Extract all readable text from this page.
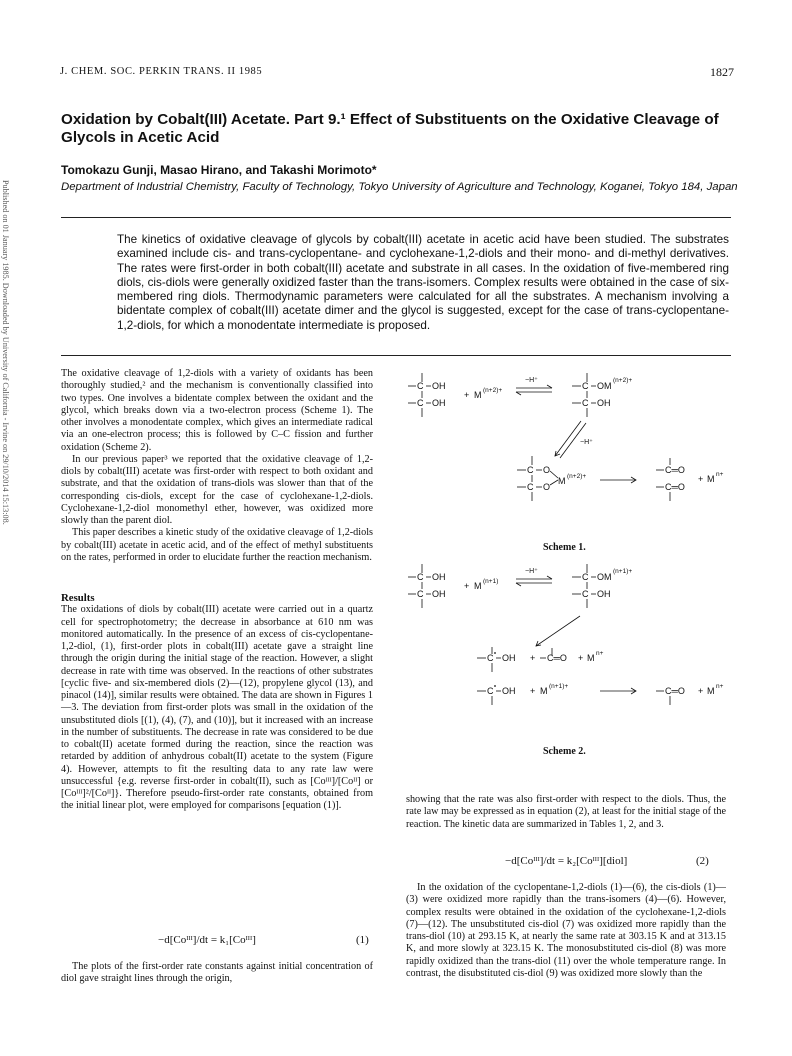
Published on 01 January 1985. Downloaded by University of California - Irvine on 29/10/2014 15:13:08.
J. CHEM. SOC. PERKIN TRANS. II 1985	1827
Oxidation by Cobalt(III) Acetate. Part 9.¹ Effect of Substituents on the Oxidative Cleavage of Glycols in Acetic Acid

Tomokazu Gunji, Masao Hirano, and Takashi Morimoto*

Department of Industrial Chemistry, Faculty of Technology, Tokyo University of Agriculture and Technology, Koganei, Tokyo 184, Japan

The kinetics of oxidative cleavage of glycols by cobalt(III) acetate in acetic acid have been studied. The substrates examined include cis- and trans-cyclopentane- and cyclohexane-1,2-diols and their mono- and di-methyl derivatives. The rates were first-order in both cobalt(III) acetate and substrate in all cases. In the oxidation of five-membered ring diols, cis-diols were generally oxidized faster than the trans-isomers. Complex results were obtained in the case of six-membered ring diols. Thermodynamic parameters were calculated for all the substrates. A mechanism involving a bidentate complex of cobalt(III) acetate dimer and the glycol is suggested, except for the case of trans-cyclopentane-1,2-diols, for which a monodentate intermediate is proposed.

The oxidative cleavage of 1,2-diols with a variety of oxidants has been thoroughly studied,² and the mechanism is conventionally classified into two types. One involves a bidentate complex between the oxidant and the glycol, which breaks down via a two-electron process (Scheme 1). The other involves a monodentate complex, which gives an intermediate radical via an one-electron process; this is followed by C–C fission and further oxidation (Scheme 2).

In our previous paper³ we reported that the oxidative cleavage of 1,2-diols by cobalt(III) acetate was first-order with respect to both oxidant and substrate, and that the oxidation of trans-diols was slower than that of the corresponding cis-diols, except for the case of cyclohexane-1,2-diols. Cyclohexane-1,2-diol monomethyl ether, however, was oxidized more slowly than the parent diol.

This paper describes a kinetic study of the oxidative cleavage of 1,2-diols by cobalt(III) acetate in acetic acid, and of the effect of methyl substituents on the rates, performed in order to elucidate further the reaction mechanism.

Results

The oxidations of diols by cobalt(III) acetate were carried out in a quartz cell for spectrophotometry; the decrease in absorbance at 610 nm was monitored automatically. In the presence of an excess of cis-cyclopentane-1,2-diol, (1), first-order plots in cobalt(III) acetate gave a straight line through the origin during the initial stage of the reaction. However, a slight decrease in rate with time was observed. In the reactions of other substrates [cyclic five- and six-membered diols (2)—(12), propylene glycol (13), and pinacol (14)], similar results were obtained. The data are shown in Figures 1—3. The deviation from first-order plots was small in the oxidation of the unsubstituted diols [(1), (4), (7), and (10)], but it increased with an increase in the number of substituents. The decrease in rate was considered to be due to cobalt(II) acetate formed during the reaction, since the reaction was retarded by addition of anhydrous cobalt(II) acetate to the system (Figure 4). However, attempts to fit the resulting data to any rate law were unsuccessful {e.g. reverse first-order in cobalt(II), such as [Coᴵᴵᴵ]/[Coᴵᴵ] or [Coᴵᴵᴵ]²/[Coᴵᴵ]}. Therefore pseudo-first-order rate constants, obtained from the initial linear plot, were employed for comparisons [equation (1)].

−d[Coᴵᴵᴵ]/dt = k₁[Coᴵᴵᴵ]	(1)

The plots of the first-order rate constants against initial concentration of diol gave straight lines through the origin,

C OH
C OH
+ M (n+2)+
−H⁺
C OM
(n+2)+
C OH
−H⁺
C O
M (n+2)+
C O
C═O
C═O
+ M n+
Scheme 1.
C OH
C OH
+ M (n+1)
−H⁺
C OM
(n+1)+
C OH
C OH + C═O + M n+
C OH + M (n+1)+	C═O + M n+
Scheme 2.

showing that the rate was also first-order with respect to the diols. Thus, the rate law may be expressed as in equation (2), at least for the initial stage of the reaction. The kinetic data are summarized in Tables 1, 2, and 3.

−d[Coᴵᴵᴵ]/dt = k₂[Coᴵᴵᴵ][diol]	(2)

In the oxidation of the cyclopentane-1,2-diols (1)—(6), the cis-diols (1)—(3) were oxidized more rapidly than the trans-isomers (4)—(6). However, complex results were obtained in the oxidation of the cyclohexane-1,2-diols (7)—(12). The unsubstituted cis-diol (7) was oxidized more rapidly than the trans-diol (10) at 293.15 K, at nearly the same rate at 303.15 K and at 313.15 K, and more slowly at 323.15 K. The monosubstituted cis-diol (8) was more rapidly oxidized than the trans-diol (11) over the whole temperature range. In contrast, the disubstituted cis-diol (9) was oxidized more slowly than the
